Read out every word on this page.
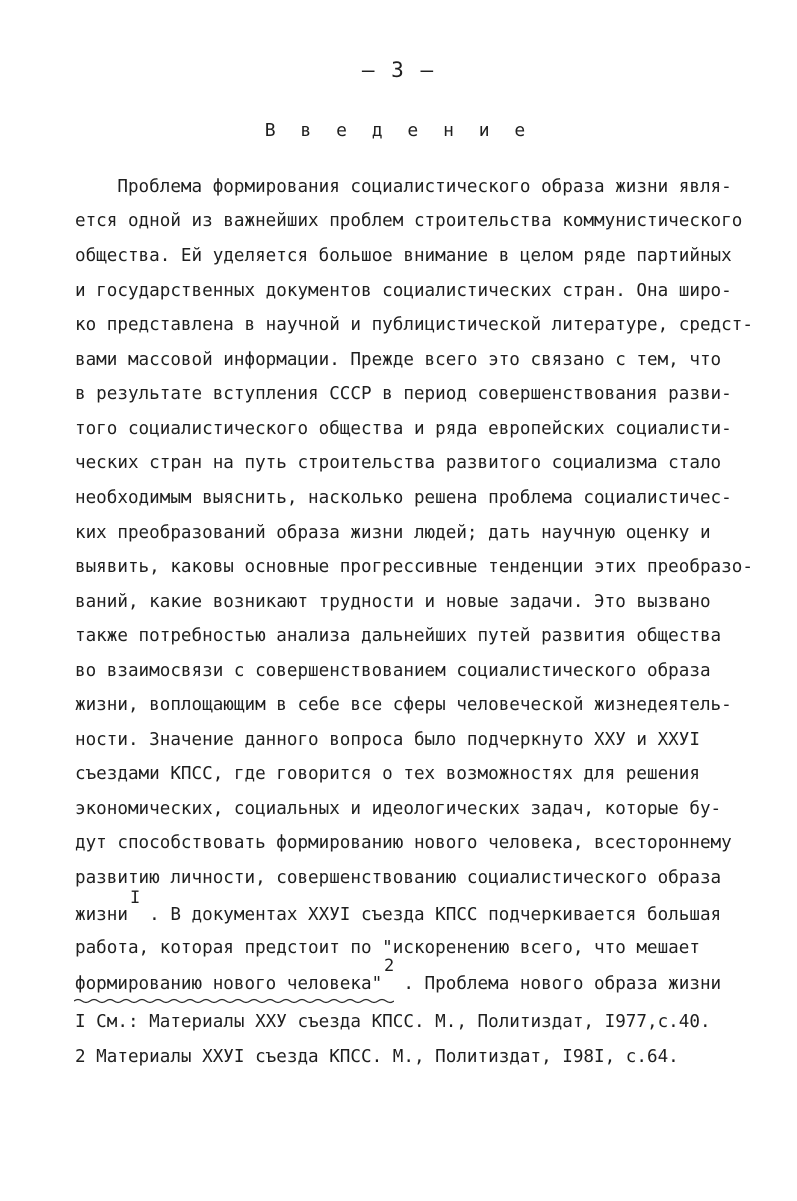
– 3 –
В в е д е н и е
Проблема формирования социалистического образа жизни явля-
ется одной из важнейших проблем строительства коммунистического
общества. Ей уделяется большое внимание в целом ряде партийных
и государственных документов социалистических стран. Она широ-
ко представлена в научной и публицистической литературе, средст-
вами массовой информации. Прежде всего это связано с тем, что
в результате вступления СССР в период совершенствования разви-
того социалистического общества и ряда европейских социалисти-
ческих стран на путь строительства развитого социализма стало
необходимым выяснить, насколько решена проблема социалистичес-
ких преобразований образа жизни людей; дать научную оценку и
выявить, каковы основные прогрессивные тенденции этих преобразо-
ваний, какие возникают трудности и новые задачи. Это вызвано
также потребностью анализа дальнейших путей развития общества
во взаимосвязи с совершенствованием социалистического образа
жизни, воплощающим в себе все сферы человеческой жизнедеятель-
ности. Значение данного вопроса было подчеркнуто XXУ и XXУI
съездами КПСС, где говорится о тех возможностях для решения
экономических, социальных и идеологических задач, которые бу-
дут способствовать формированию нового человека, всестороннему
развитию личности, совершенствованию социалистического образа
жизни  . В документах XXУI съезда КПСС подчеркивается большая
работа, которая предстоит по "искоренению всего, что мешает
формированию нового человека"  . Проблема нового образа жизни
I
2
I См.: Материалы XXУ съезда КПСС. М., Политиздат, I977,с.40.
2 Материалы XXУI съезда КПСС. М., Политиздат, I98I, с.64.
